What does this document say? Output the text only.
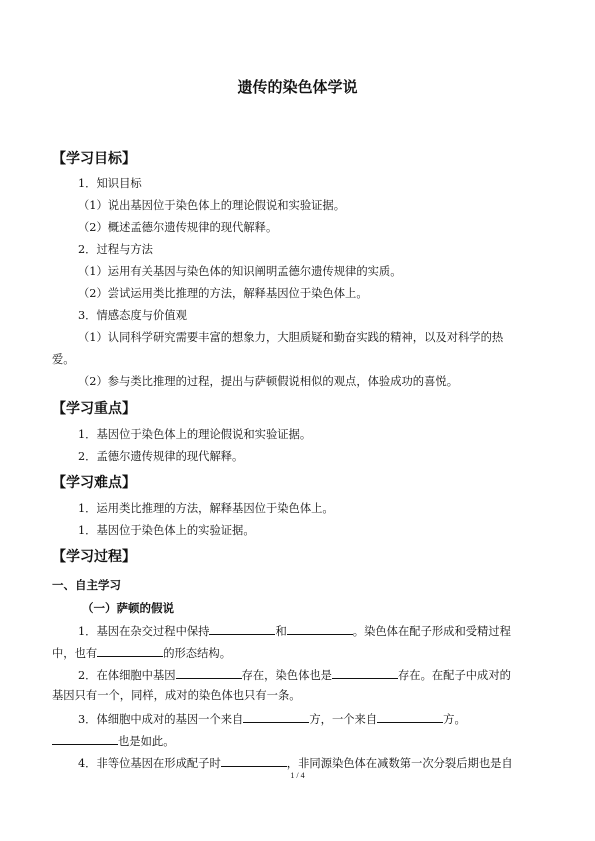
遗传的染色体学说
【学习目标】
1．知识目标
（1）说出基因位于染色体上的理论假说和实验证据。
（2）概述孟德尔遗传规律的现代解释。
2．过程与方法
（1）运用有关基因与染色体的知识阐明孟德尔遗传规律的实质。
（2）尝试运用类比推理的方法，解释基因位于染色体上。
3．情感态度与价值观
（1）认同科学研究需要丰富的想象力，大胆质疑和勤奋实践的精神，以及对科学的热
爱。
（2）参与类比推理的过程，提出与萨顿假说相似的观点，体验成功的喜悦。
【学习重点】
1．基因位于染色体上的理论假说和实验证据。
2．孟德尔遗传规律的现代解释。
【学习难点】
1．运用类比推理的方法，解释基因位于染色体上。
1．基因位于染色体上的实验证据。
【学习过程】
一、自主学习
（一）萨顿的假说
1．基因在杂交过程中保持	和	。染色体在配子形成和受精过程
中，也有	的形态结构。
2．在体细胞中基因	存在，染色体也是	存在。在配子中成对的
基因只有一个，同样，成对的染色体也只有一条。
3．体细胞中成对的基因一个来自	方，一个来自	方。
也是如此。
4．非等位基因在形成配子时	，非同源染色体在减数第一次分裂后期也是自
1 / 4
